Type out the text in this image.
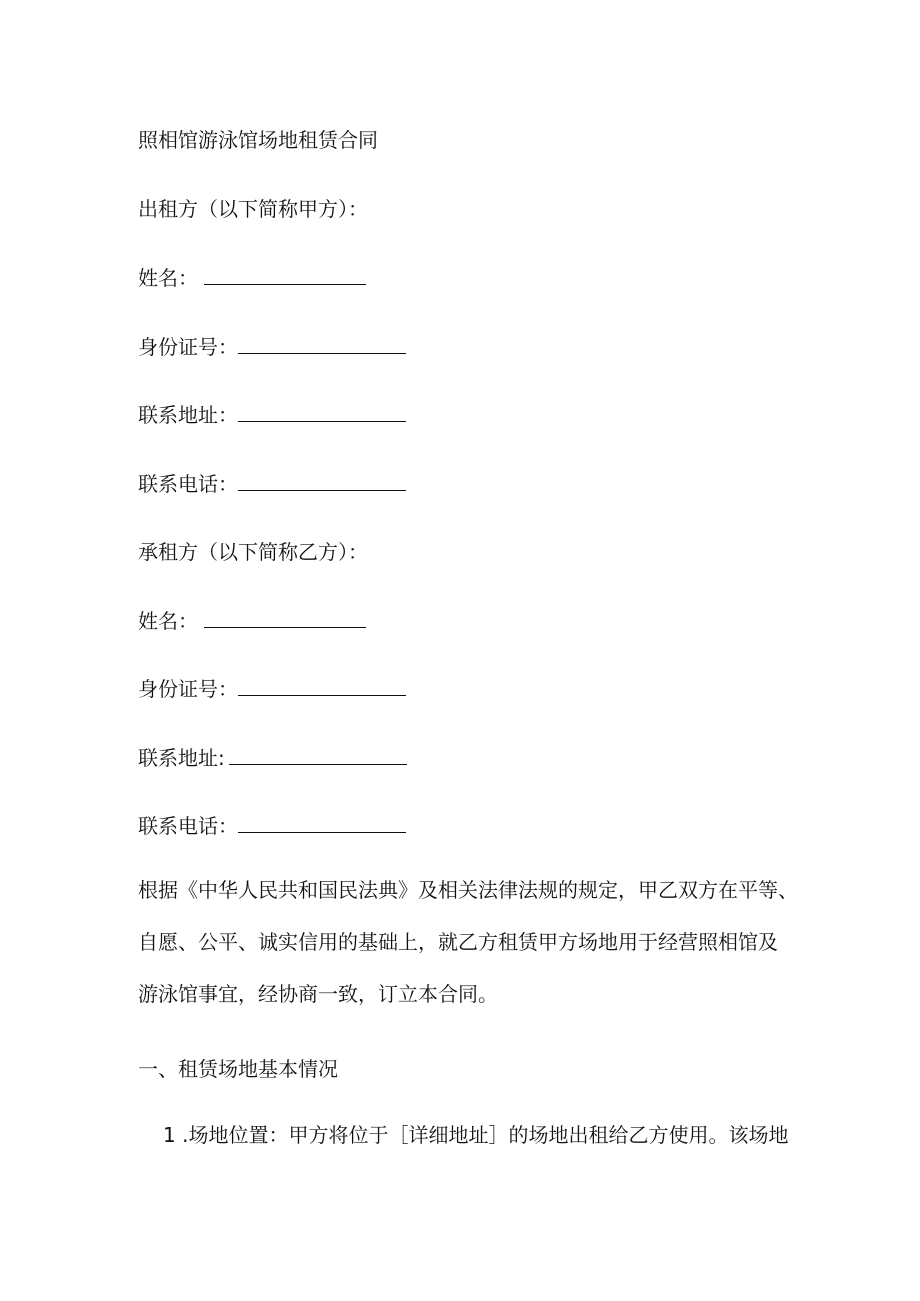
照相馆游泳馆场地租赁合同
出租方（以下简称甲方）：
姓名：
身份证号：
联系地址：
联系电话：
承租方（以下简称乙方）：
姓名：
身份证号：
联系地址:
联系电话：
根据《中华人民共和国民法典》及相关法律法规的规定，甲乙双方在平等、
自愿、公平、诚实信用的基础上，就乙方租赁甲方场地用于经营照相馆及
游泳馆事宜，经协商一致，订立本合同。
一、租赁场地基本情况
1 .场地位置：甲方将位于［详细地址］的场地出租给乙方使用。该场地
